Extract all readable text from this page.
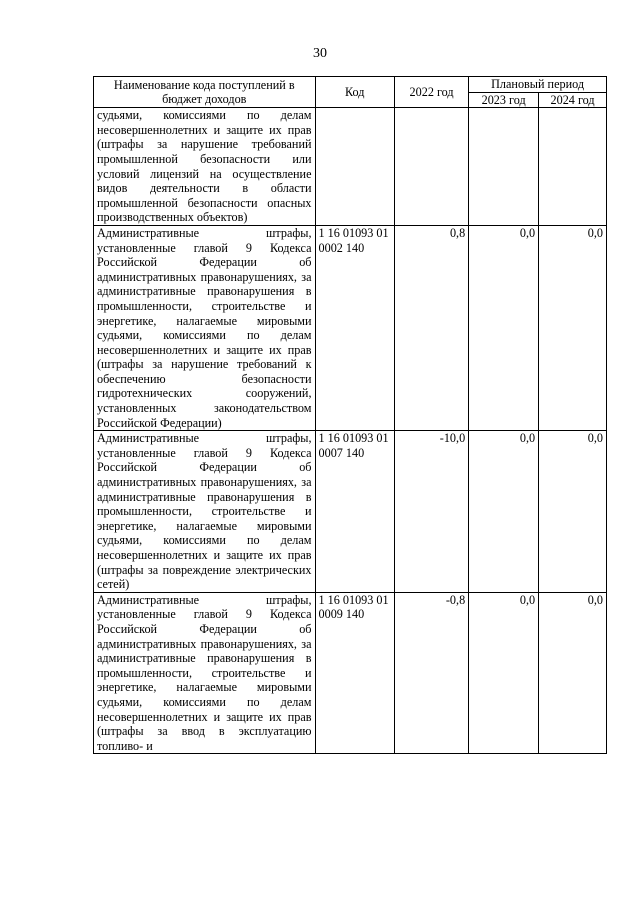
30
Наименование кода поступлений в бюджет доходов	Код	2022 год	Плановый период	
			2023 год	2024 год
судьями, комиссиями по делам несовершеннолетних и защите их прав (штрафы за нарушение требований промышленной безопасности или условий лицензий на осуществление видов деятельности в области промышленной безопасности опасных производственных объектов)				
Административные штрафы, установленные главой 9 Кодекса Российской Федерации об административных правонарушениях, за административные правонарушения в промышленности, строительстве и энергетике, налагаемые мировыми судьями, комиссиями по делам несовершеннолетних и защите их прав (штрафы за нарушение требований к обеспечению безопасности гидротехнических сооружений, установленных законодательством Российской Федерации)	1 16 01093 01 0002 140	0,8	0,0	0,0
Административные штрафы, установленные главой 9 Кодекса Российской Федерации об административных правонарушениях, за административные правонарушения в промышленности, строительстве и энергетике, налагаемые мировыми судьями, комиссиями по делам несовершеннолетних и защите их прав (штрафы за повреждение электрических сетей)	1 16 01093 01 0007 140	-10,0	0,0	0,0
Административные штрафы, установленные главой 9 Кодекса Российской Федерации об административных правонарушениях, за административные правонарушения в промышленности, строительстве и энергетике, налагаемые мировыми судьями, комиссиями по делам несовершеннолетних и защите их прав (штрафы за ввод в эксплуатацию топливо- и	1 16 01093 01 0009 140	-0,8	0,0	0,0
